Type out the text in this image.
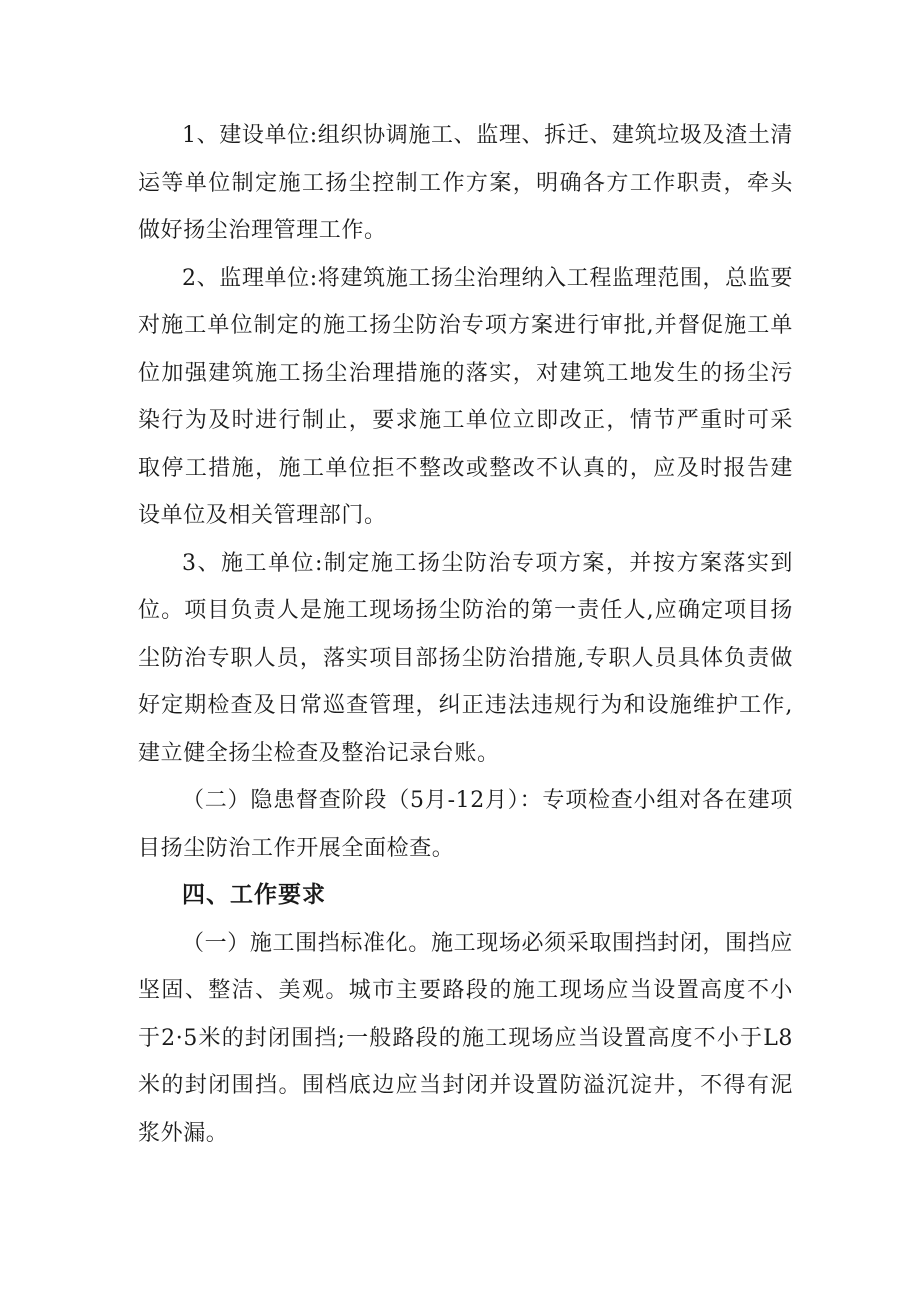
1、建设单位:组织协调施工、监理、拆迁、建筑垃圾及渣土清运等单位制定施工扬尘控制工作方案，明确各方工作职责，牵头做好扬尘治理管理工作。

2、监理单位:将建筑施工扬尘治理纳入工程监理范围，总监要对施工单位制定的施工扬尘防治专项方案进行审批,并督促施工单位加强建筑施工扬尘治理措施的落实，对建筑工地发生的扬尘污染行为及时进行制止，要求施工单位立即改正，情节严重时可采取停工措施，施工单位拒不整改或整改不认真的，应及时报告建设单位及相关管理部门。

3、施工单位:制定施工扬尘防治专项方案，并按方案落实到位。项目负责人是施工现场扬尘防治的第一责任人,应确定项目扬尘防治专职人员，落实项目部扬尘防治措施,专职人员具体负责做好定期检查及日常巡查管理，纠正违法违规行为和设施维护工作,建立健全扬尘检查及整治记录台账。

（二）隐患督查阶段（5月-12月）：专项检查小组对各在建项目扬尘防治工作开展全面检查。

四、工作要求

（一）施工围挡标准化。施工现场必须采取围挡封闭，围挡应坚固、整洁、美观。城市主要路段的施工现场应当设置高度不小于2·5米的封闭围挡;一般路段的施工现场应当设置高度不小于L8米的封闭围挡。围档底边应当封闭并设置防溢沉淀井，不得有泥浆外漏。
